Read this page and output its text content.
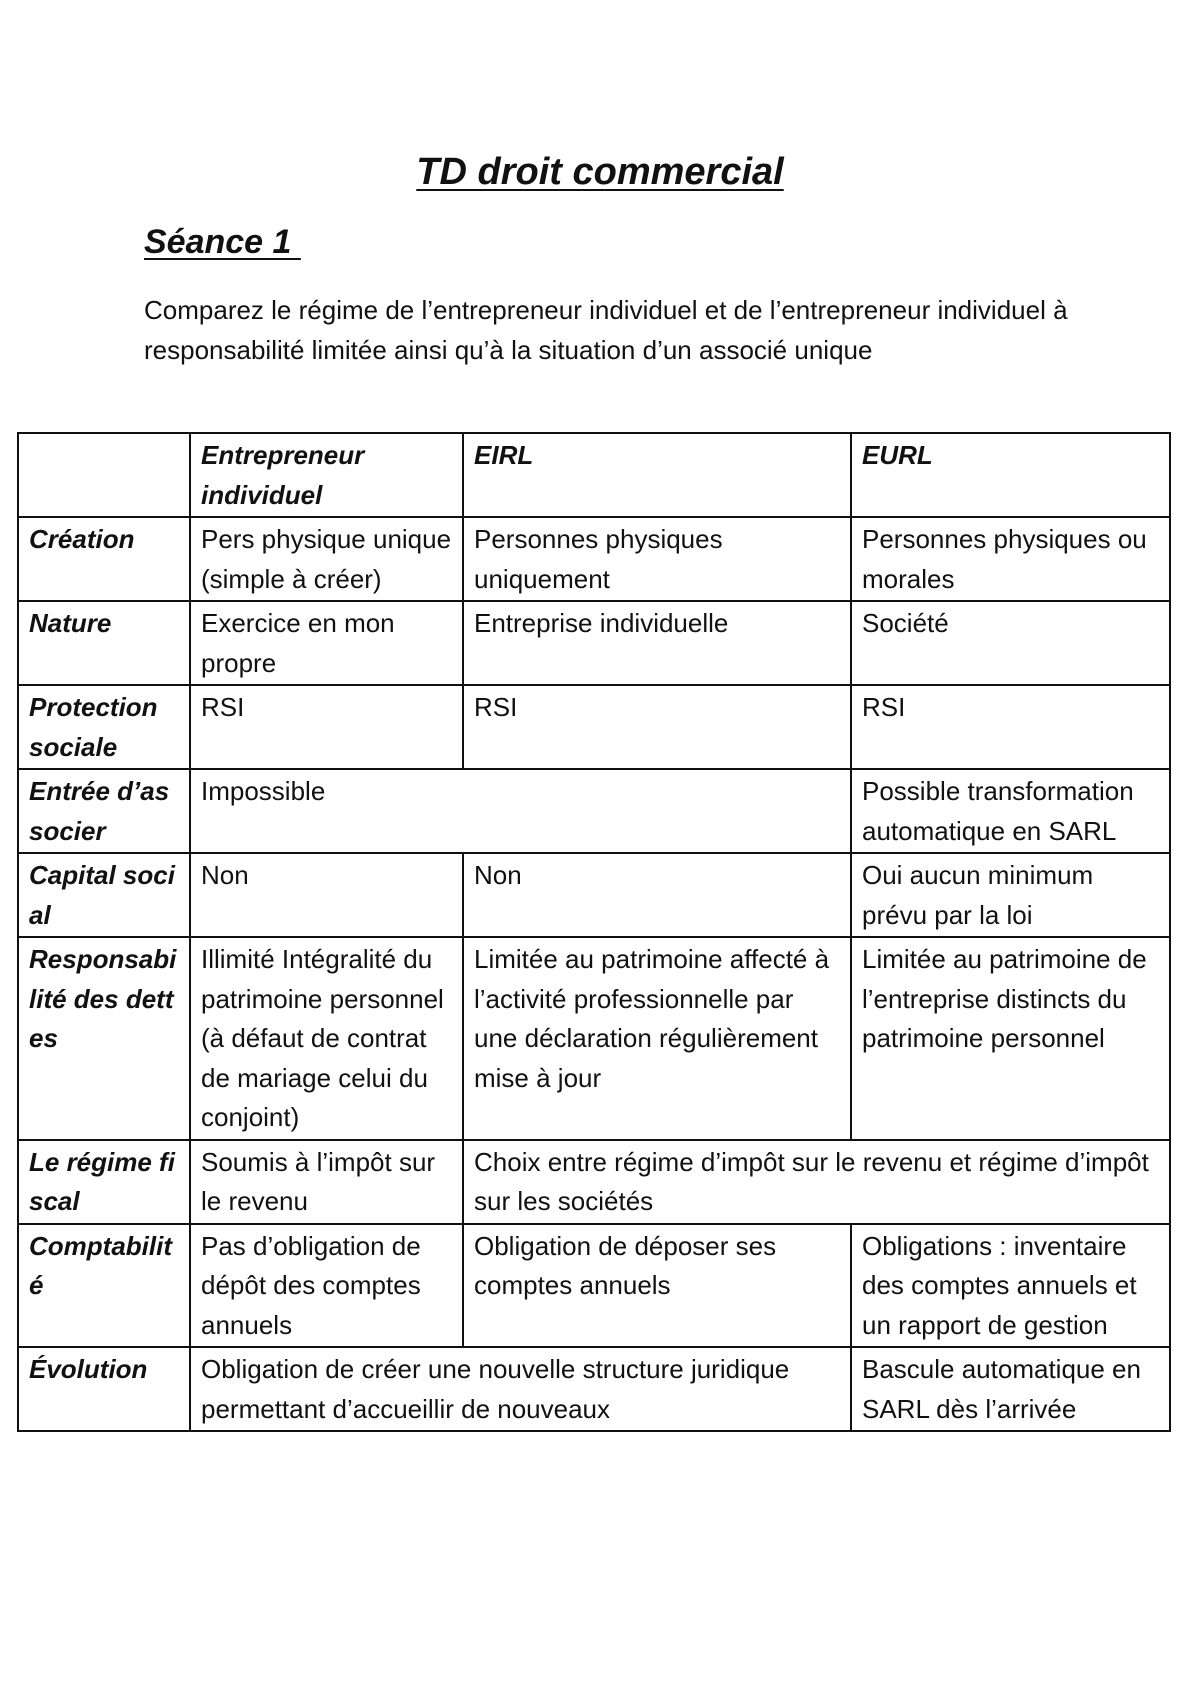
TD droit commercial
Séance 1
Comparez le régime de l’entrepreneur individuel et de l’entrepreneur individuel à responsabilité limitée ainsi qu’à la situation d’un associé unique
	Entrepreneur individuel	EIRL	EURL
Création	Pers physique unique (simple à créer)	Personnes physiques uniquement	Personnes physiques ou morales
Nature	Exercice en mon propre	Entreprise individuelle	Société
Protection sociale	RSI	RSI	RSI
Entrée d’associer	Impossible		Possible transformation automatique en SARL
Capital social	Non	Non	Oui aucun minimum prévu par la loi
Responsabilité des dettes	Illimité Intégralité du patrimoine personnel (à défaut de contrat de mariage celui du conjoint)	Limitée au patrimoine affecté à l’activité professionnelle par une déclaration régulièrement mise à jour	Limitée au patrimoine de l’entreprise distincts du patrimoine personnel
Le régime fiscal	Soumis à l’impôt sur le revenu	Choix entre régime d’impôt sur le revenu et régime d’impôt sur les sociétés	
Comptabilité	Pas d’obligation de dépôt des comptes annuels	Obligation de déposer ses comptes annuels	Obligations : inventaire des comptes annuels et un rapport de gestion
Évolution	Obligation de créer une nouvelle structure juridique permettant d’accueillir de nouveaux		Bascule automatique en SARL dès l’arrivée
